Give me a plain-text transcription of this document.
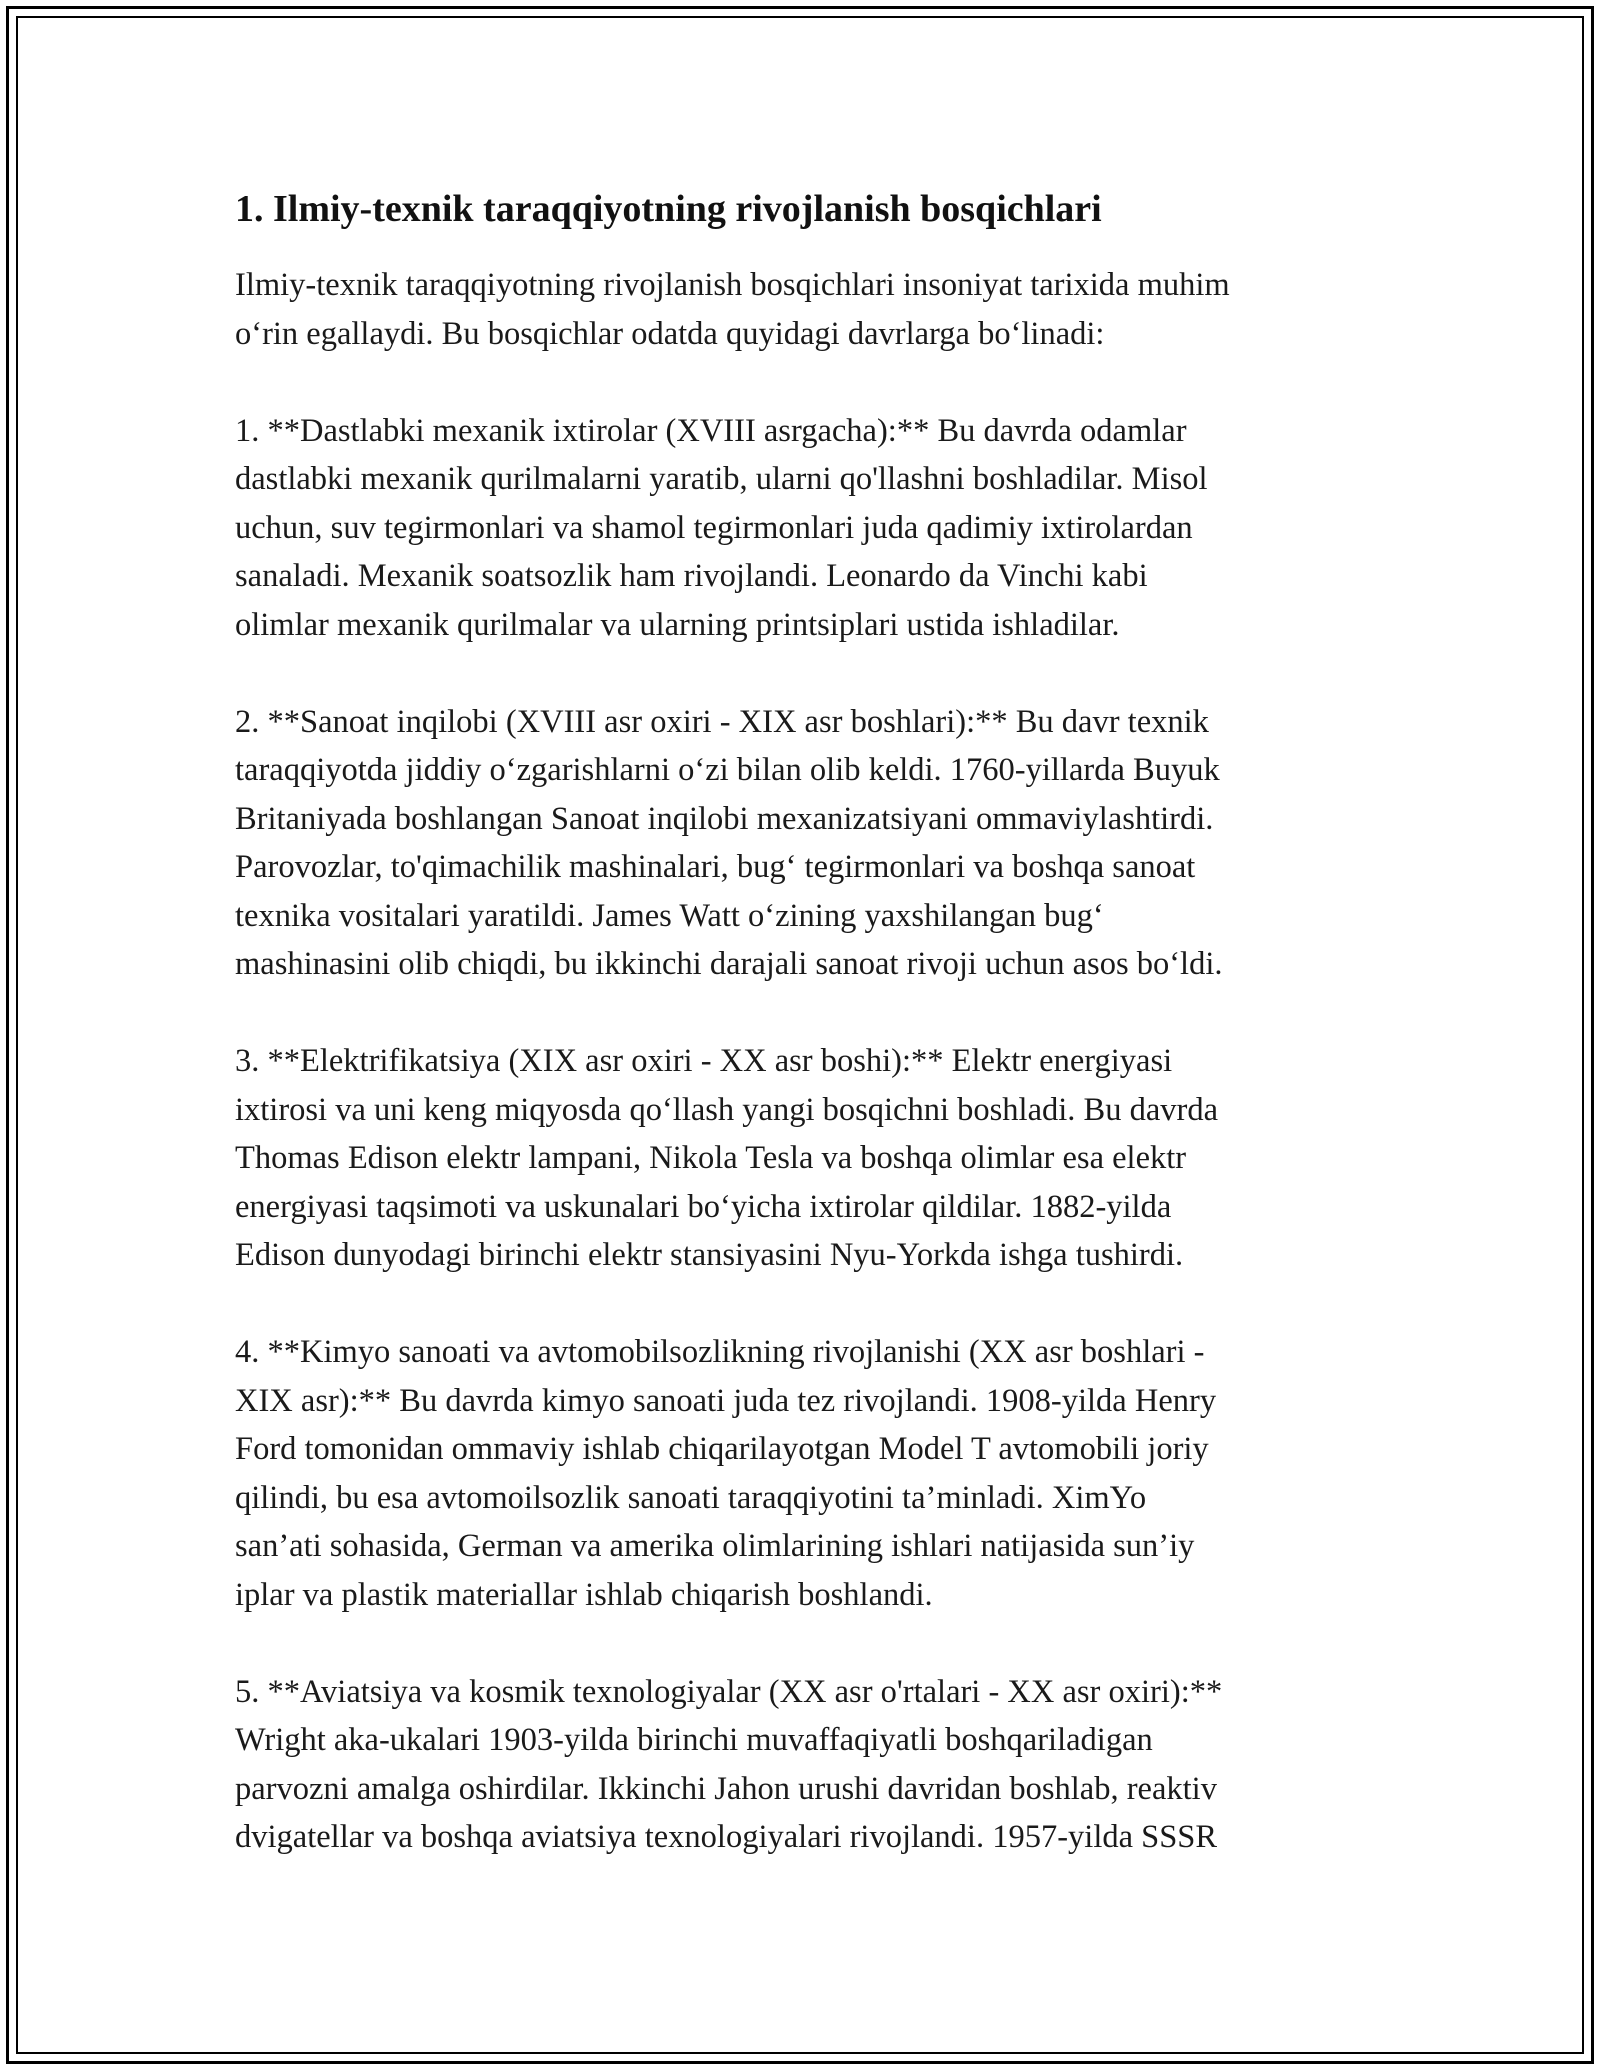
1. Ilmiy-texnik taraqqiyotning rivojlanish bosqichlari

Ilmiy-texnik taraqqiyotning rivojlanish bosqichlari insoniyat tarixida muhim
o‘rin egallaydi. Bu bosqichlar odatda quyidagi davrlarga bo‘linadi:

1. **Dastlabki mexanik ixtirolar (XVIII asrgacha):** Bu davrda odamlar
dastlabki mexanik qurilmalarni yaratib, ularni qo'llashni boshladilar. Misol
uchun, suv tegirmonlari va shamol tegirmonlari juda qadimiy ixtirolardan
sanaladi. Mexanik soatsozlik ham rivojlandi. Leonardo da Vinchi kabi
olimlar mexanik qurilmalar va ularning printsiplari ustida ishladilar.

2. **Sanoat inqilobi (XVIII asr oxiri - XIX asr boshlari):** Bu davr texnik
taraqqiyotda jiddiy o‘zgarishlarni o‘zi bilan olib keldi. 1760-yillarda Buyuk
Britaniyada boshlangan Sanoat inqilobi mexanizatsiyani ommaviylashtirdi.
Parovozlar, to'qimachilik mashinalari, bug‘ tegirmonlari va boshqa sanoat
texnika vositalari yaratildi. James Watt o‘zining yaxshilangan bug‘
mashinasini olib chiqdi, bu ikkinchi darajali sanoat rivoji uchun asos bo‘ldi.

3. **Elektrifikatsiya (XIX asr oxiri - XX asr boshi):** Elektr energiyasi
ixtirosi va uni keng miqyosda qo‘llash yangi bosqichni boshladi. Bu davrda
Thomas Edison elektr lampani, Nikola Tesla va boshqa olimlar esa elektr
energiyasi taqsimoti va uskunalari bo‘yicha ixtirolar qildilar. 1882-yilda
Edison dunyodagi birinchi elektr stansiyasini Nyu-Yorkda ishga tushirdi.

4. **Kimyo sanoati va avtomobilsozlikning rivojlanishi (XX asr boshlari -
XIX asr):** Bu davrda kimyo sanoati juda tez rivojlandi. 1908-yilda Henry
Ford tomonidan ommaviy ishlab chiqarilayotgan Model T avtomobili joriy
qilindi, bu esa avtomoilsozlik sanoati taraqqiyotini ta’minladi. XimYo
san’ati sohasida, German va amerika olimlarining ishlari natijasida sun’iy
iplar va plastik materiallar ishlab chiqarish boshlandi.

5. **Aviatsiya va kosmik texnologiyalar (XX asr o'rtalari - XX asr oxiri):**
Wright aka-ukalari 1903-yilda birinchi muvaffaqiyatli boshqariladigan
parvozni amalga oshirdilar. Ikkinchi Jahon urushi davridan boshlab, reaktiv
dvigatellar va boshqa aviatsiya texnologiyalari rivojlandi. 1957-yilda SSSR
